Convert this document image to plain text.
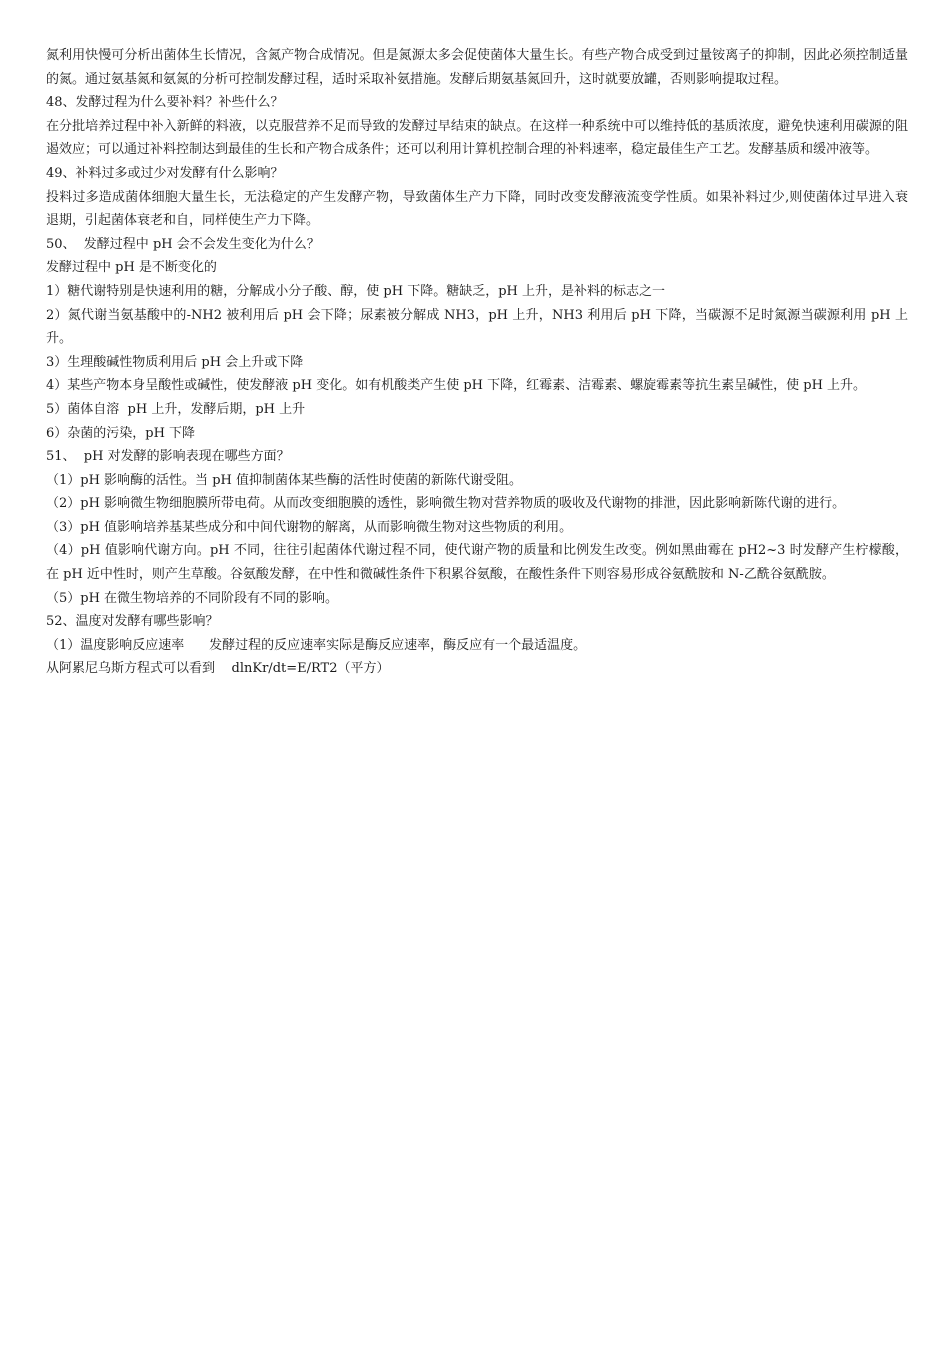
氮利用快慢可分析出菌体生长情况，含氮产物合成情况。但是氮源太多会促使菌体大量生长。有些产物合成受到过量铵离子的抑制，因此必须控制适量的氮。通过氨基氮和氨氮的分析可控制发酵过程，适时采取补氨措施。发酵后期氨基氮回升，这时就要放罐，否则影响提取过程。

48、发酵过程为什么要补料？补些什么？

在分批培养过程中补入新鲜的料液，以克服营养不足而导致的发酵过早结束的缺点。在这样一种系统中可以维持低的基质浓度，避免快速利用碳源的阻遏效应；可以通过补料控制达到最佳的生长和产物合成条件；还可以利用计算机控制合理的补料速率，稳定最佳生产工艺。发酵基质和缓冲液等。

49、补料过多或过少对发酵有什么影响？

投料过多造成菌体细胞大量生长，无法稳定的产生发酵产物，导致菌体生产力下降，同时改变发酵液流变学性质。如果补料过少,则使菌体过早进入衰退期，引起菌体衰老和自，同样使生产力下降。

50、  发酵过程中 pH 会不会发生变化为什么？

发酵过程中 pH 是不断变化的

1）糖代谢特别是快速利用的糖，分解成小分子酸、醇，使 pH 下降。糖缺乏，pH 上升，是补料的标志之一

2）氮代谢当氨基酸中的-NH2 被利用后 pH 会下降；尿素被分解成 NH3，pH 上升，NH3 利用后 pH 下降，当碳源不足时氮源当碳源利用 pH 上升。

3）生理酸碱性物质利用后 pH 会上升或下降

4）某些产物本身呈酸性或碱性，使发酵液 pH 变化。如有机酸类产生使 pH 下降，红霉素、洁霉素、螺旋霉素等抗生素呈碱性，使 pH 上升。

5）菌体自溶  pH 上升，发酵后期，pH 上升

6）杂菌的污染，pH 下降

51、  pH 对发酵的影响表现在哪些方面？

（1）pH 影响酶的活性。当 pH 值抑制菌体某些酶的活性时使菌的新陈代谢受阻。

（2）pH 影响微生物细胞膜所带电荷。从而改变细胞膜的透性，影响微生物对营养物质的吸收及代谢物的排泄，因此影响新陈代谢的进行。

（3）pH 值影响培养基某些成分和中间代谢物的解离，从而影响微生物对这些物质的利用。

（4）pH 值影响代谢方向。pH 不同，往往引起菌体代谢过程不同，使代谢产物的质量和比例发生改变。例如黑曲霉在 pH2~3 时发酵产生柠檬酸，在 pH 近中性时，则产生草酸。谷氨酸发酵，在中性和微碱性条件下积累谷氨酸，在酸性条件下则容易形成谷氨酰胺和 N-乙酰谷氨酰胺。

（5）pH 在微生物培养的不同阶段有不同的影响。

52、温度对发酵有哪些影响？

（1）温度影响反应速率      发酵过程的反应速率实际是酶反应速率，酶反应有一个最适温度。

从阿累尼乌斯方程式可以看到    dlnKr/dt=E/RT2（平方）
